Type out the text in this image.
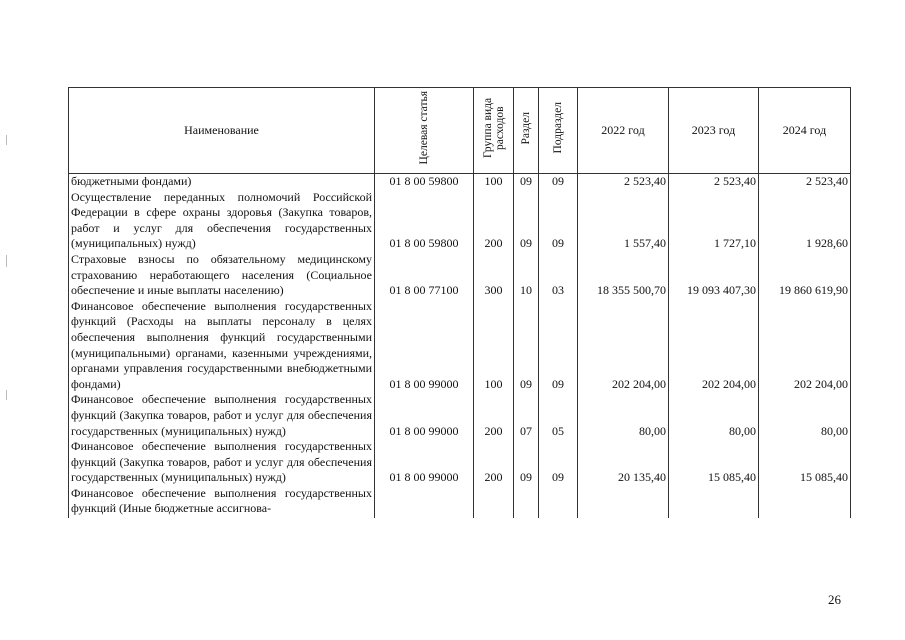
Наименование	Целевая статья	Группа вида расходов	Раздел	Подраздел	2022 год	2023 год	2024 год
бюджетными фондами)	01 8 00 59800	100	09	09	2 523,40	2 523,40	2 523,40
Осуществление переданных полномочий Российской Федерации в сфере охраны здоровья (Закупка товаров, работ и услуг для обеспечения государственных (муниципальных) нужд)	01 8 00 59800	200	09	09	1 557,40	1 727,10	1 928,60
Страховые взносы по обязательному медицинскому страхованию неработающего населения (Социальное обеспечение и иные выплаты населению)	01 8 00 77100	300	10	03	18 355 500,70	19 093 407,30	19 860 619,90
Финансовое обеспечение выполнения государственных функций (Расходы на выплаты персоналу в целях обеспечения выполнения функций государственными (муниципальными) органами, казенными учреждениями, органами управления государственными внебюджетными фондами)	01 8 00 99000	100	09	09	202 204,00	202 204,00	202 204,00
Финансовое обеспечение выполнения государственных функций (Закупка товаров, работ и услуг для обеспечения государственных (муниципальных) нужд)	01 8 00 99000	200	07	05	80,00	80,00	80,00
Финансовое обеспечение выполнения государственных функций (Закупка товаров, работ и услуг для обеспечения государственных (муниципальных) нужд)	01 8 00 99000	200	09	09	20 135,40	15 085,40	15 085,40
Финансовое обеспечение выполнения государственных функций (Иные бюджетные ассигнова-							
26
